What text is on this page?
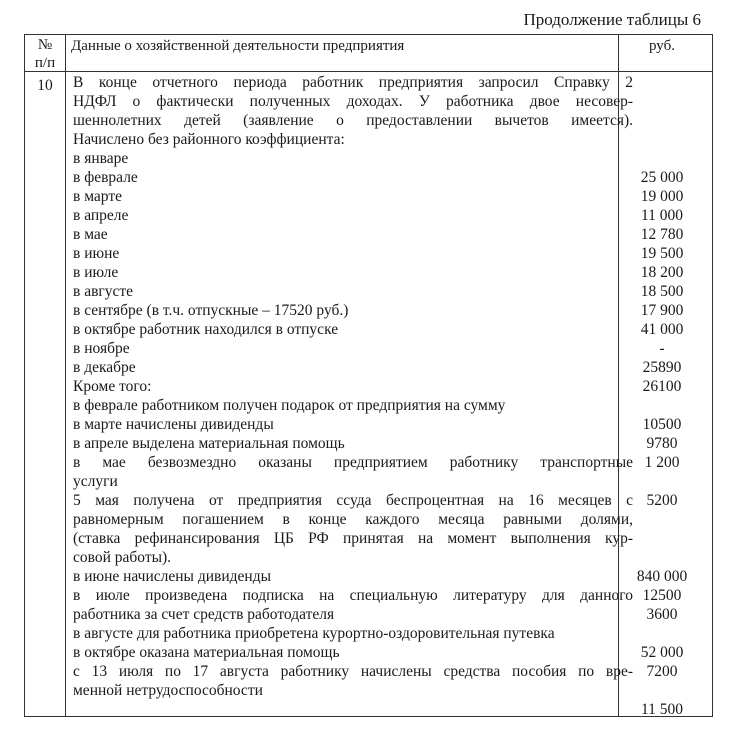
Продолжение таблицы 6
№
п/п
Данные о хозяйственной деятельности предприятия	руб.
10	В конце отчетного периода работник предприятия запросил Справку 2
НДФЛ о фактически полученных доходах. У работника двое несовер-
шеннолетних детей (заявление о предоставлении вычетов имеется).
Начислено без районного коэффициента:
в январе
в феврале
в марте
в апреле
в мае
в июне
в июле
в августе
в сентябре (в т.ч. отпускные – 17520 руб.)
в октябре работник находился в отпуске
в ноябре
в декабре
Кроме того:
в феврале работником получен подарок от предприятия на сумму
в марте начислены дивиденды
в апреле выделена материальная помощь
в мае безвозмездно оказаны предприятием работнику транспортные
услуги
5 мая получена от предприятия ссуда беспроцентная на 16 месяцев с
равномерным погашением в конце каждого месяца равными долями,
(ставка рефинансирования ЦБ РФ принятая на момент выполнения кур-
совой работы).
в июне начислены дивиденды
в июле произведена подписка на специальную литературу для данного
работника за счет средств работодателя
в августе для работника приобретена курортно-оздоровительная путевка
в октябре оказана материальная помощь
с 13 июля по 17 августа работнику начислены средства пособия по вре-
менной нетрудоспособности
25 000
19 000
11 000
12 780
19 500
18 200
18 500
17 900
41 000
-
25890
26100
10500
9780
1 200
5200
840 000
12500
3600
52 000
7200
11 500
